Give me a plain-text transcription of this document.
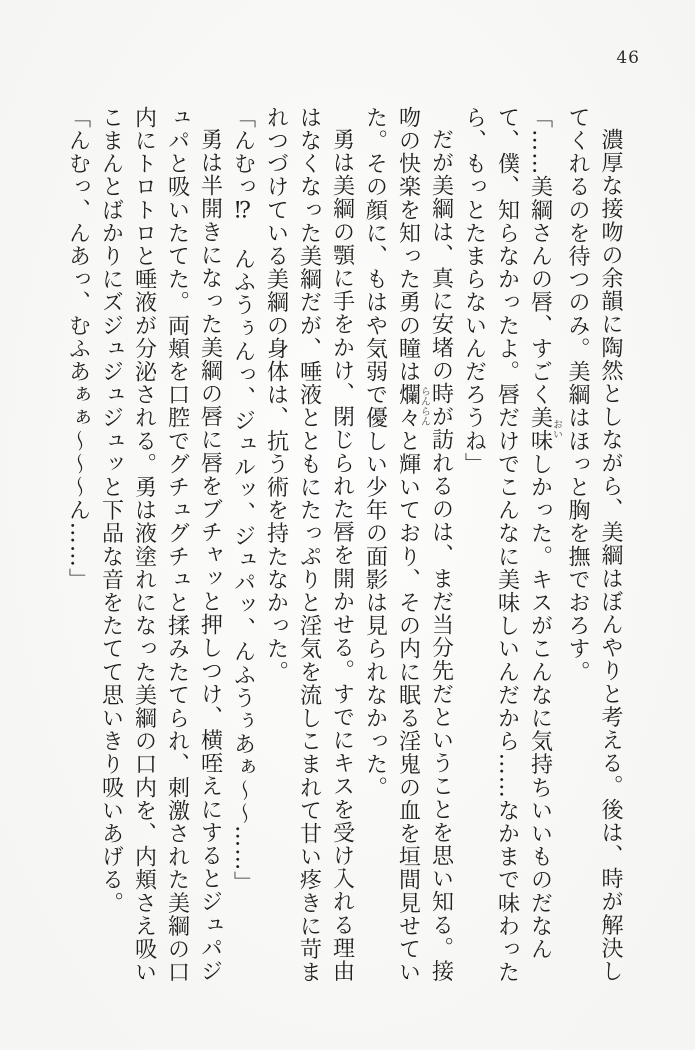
46

濃厚な接吻の余韻に陶然としながら、美綱はぼんやりと考える。後は、時が解決してくれるのを待つのみ。美綱はほっと胸を撫でおろす。

「……美綱さんの唇、すごく美味おいしかった。キスがこんなに気持ちいいものだなんて、僕、知らなかったよ。唇だけでこんなに美味しいんだから……なかまで味わったら、もっとたまらないんだろうね」

だが美綱は、真に安堵の時が訪れるのは、まだ当分先だということを思い知る。接吻の快楽を知った勇の瞳は爛々らんらんと輝いており、その内に眠る淫鬼の血を垣間見せていた。その顔に、もはや気弱で優しい少年の面影は見られなかった。

勇は美綱の顎に手をかけ、閉じられた唇を開かせる。すでにキスを受け入れる理由はなくなった美綱だが、唾液とともにたっぷりと淫気を流しこまれて甘い疼きに苛まれつづけている美綱の身体は、抗う術を持たなかった。

「んむっ⁉　んふうぅんっ、ジュルッ、ジュパッ、んふうぅあぁ～～……」

勇は半開きになった美綱の唇に唇をブチャッと押しつけ、横咥えにするとジュパジュパと吸いたてた。両頬を口腔でグチュグチュと揉みたてられ、刺激された美綱の口内にトロトロと唾液が分泌される。勇は液塗れになった美綱の口内を、内頬さえ吸いこまんとばかりにズジュジュジュッと下品な音をたてて思いきり吸いあげる。

「んむっ、んあっ、むふあぁぁ～～～ん……」
